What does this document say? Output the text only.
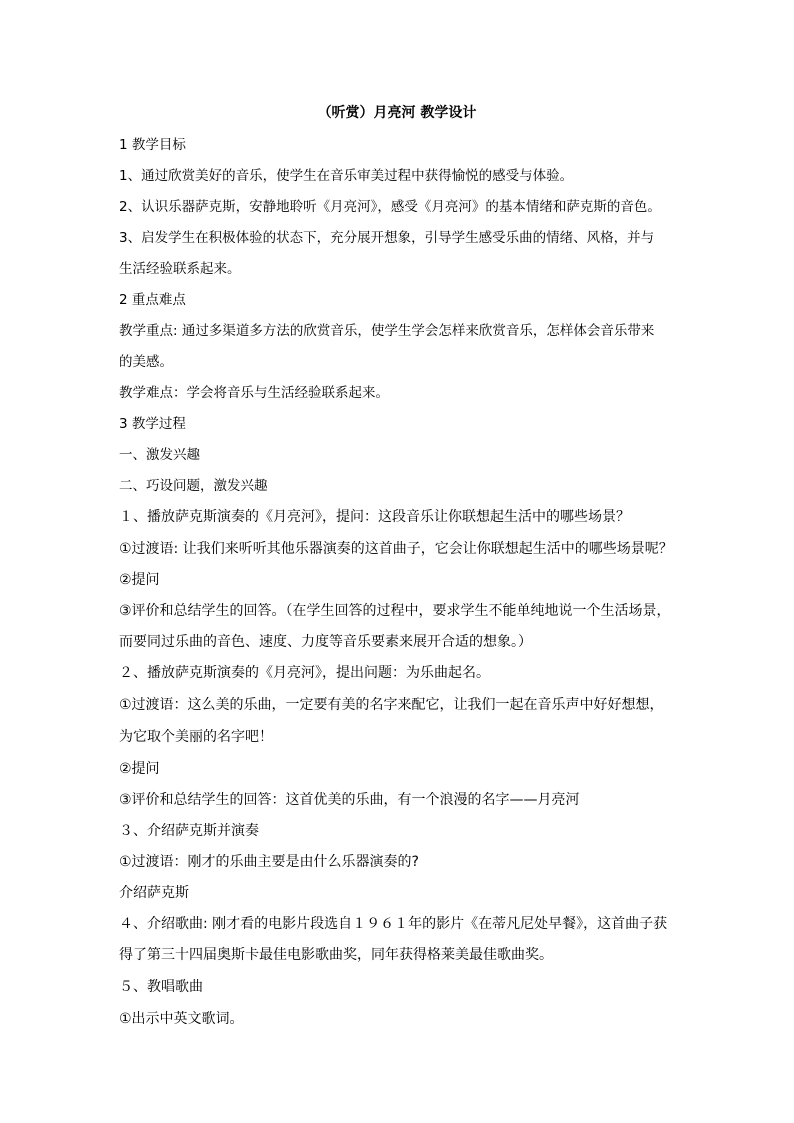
（听赏）月亮河 教学设计
1 教学目标
1、通过欣赏美好的音乐，使学生在音乐审美过程中获得愉悦的感受与体验。
2、认识乐器萨克斯，安静地聆听《月亮河》，感受《月亮河》的基本情绪和萨克斯的音色。
3、启发学生在积极体验的状态下，充分展开想象，引导学生感受乐曲的情绪、风格，并与
生活经验联系起来。
2 重点难点
教学重点: 通过多渠道多方法的欣赏音乐，使学生学会怎样来欣赏音乐，怎样体会音乐带来
的美感。
教学难点：学会将音乐与生活经验联系起来。
3 教学过程
一、激发兴趣
二、巧设问题，激发兴趣
１、播放萨克斯演奏的《月亮河》，提问：这段音乐让你联想起生活中的哪些场景？
①过渡语: 让我们来听听其他乐器演奏的这首曲子，它会让你联想起生活中的哪些场景呢？
②提问
③评价和总结学生的回答。（在学生回答的过程中，要求学生不能单纯地说一个生活场景，
而要同过乐曲的音色、速度、力度等音乐要素来展开合适的想象。）
２、播放萨克斯演奏的《月亮河》，提出问题：为乐曲起名。
①过渡语：这么美的乐曲，一定要有美的名字来配它，让我们一起在音乐声中好好想想，
为它取个美丽的名字吧！
②提问
③评价和总结学生的回答：这首优美的乐曲，有一个浪漫的名字——月亮河
３、介绍萨克斯并演奏
①过渡语：刚才的乐曲主要是由什么乐器演奏的?
介绍萨克斯
４、介绍歌曲: 刚才看的电影片段选自１９６１年的影片《在蒂凡尼处早餐》，这首曲子获
得了第三十四届奥斯卡最佳电影歌曲奖，同年获得格莱美最佳歌曲奖。
５、教唱歌曲
①出示中英文歌词。
